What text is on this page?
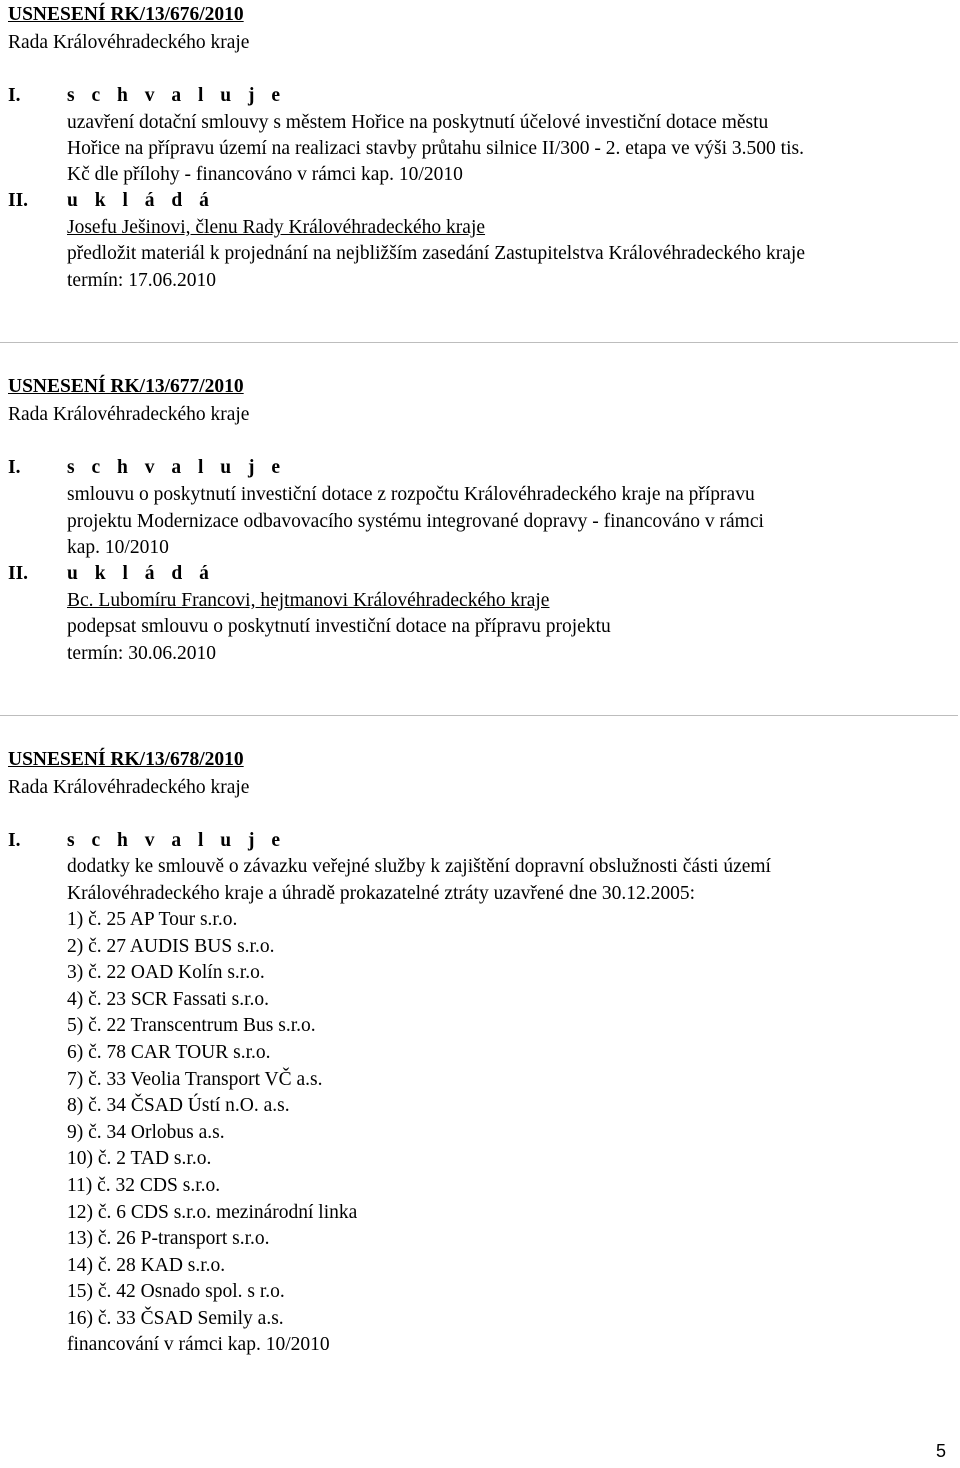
USNESENÍ RK/13/676/2010
Rada Královéhradeckého kraje
I. s c h v a l u j e
uzavření dotační smlouvy s městem Hořice na poskytnutí účelové investiční dotace městu
Hořice na přípravu území na realizaci stavby průtahu silnice II/300 - 2. etapa ve výši 3.500 tis.
Kč dle přílohy - financováno v rámci kap. 10/2010
II. u k l á d á
Josefu Ješinovi, členu Rady Královéhradeckého kraje
předložit materiál k projednání na nejbližším zasedání Zastupitelstva Královéhradeckého kraje
termín: 17.06.2010
USNESENÍ RK/13/677/2010
Rada Královéhradeckého kraje
I. s c h v a l u j e
smlouvu o poskytnutí investiční dotace z rozpočtu Královéhradeckého kraje na přípravu
projektu Modernizace odbavovacího systému integrované dopravy - financováno v rámci
kap. 10/2010
II. u k l á d á
Bc. Lubomíru Francovi, hejtmanovi Královéhradeckého kraje
podepsat smlouvu o poskytnutí investiční dotace na přípravu projektu
termín: 30.06.2010
USNESENÍ RK/13/678/2010
Rada Královéhradeckého kraje
I. s c h v a l u j e
dodatky ke smlouvě o závazku veřejné služby k zajištění dopravní obslužnosti části území
Královéhradeckého kraje a úhradě prokazatelné ztráty uzavřené dne 30.12.2005:
1) č. 25 AP Tour s.r.o.
2) č. 27 AUDIS BUS s.r.o.
3) č. 22 OAD Kolín s.r.o.
4) č. 23 SCR Fassati s.r.o.
5) č. 22 Transcentrum Bus s.r.o.
6) č. 78 CAR TOUR s.r.o.
7) č. 33 Veolia Transport VČ a.s.
8) č. 34 ČSAD Ústí n.O. a.s.
9) č. 34 Orlobus a.s.
10) č. 2 TAD s.r.o.
11) č. 32 CDS s.r.o.
12) č. 6 CDS s.r.o. mezinárodní linka
13) č. 26 P-transport s.r.o.
14) č. 28 KAD s.r.o.
15) č. 42 Osnado spol. s r.o.
16) č. 33 ČSAD Semily a.s.
financování v rámci kap. 10/2010
5
